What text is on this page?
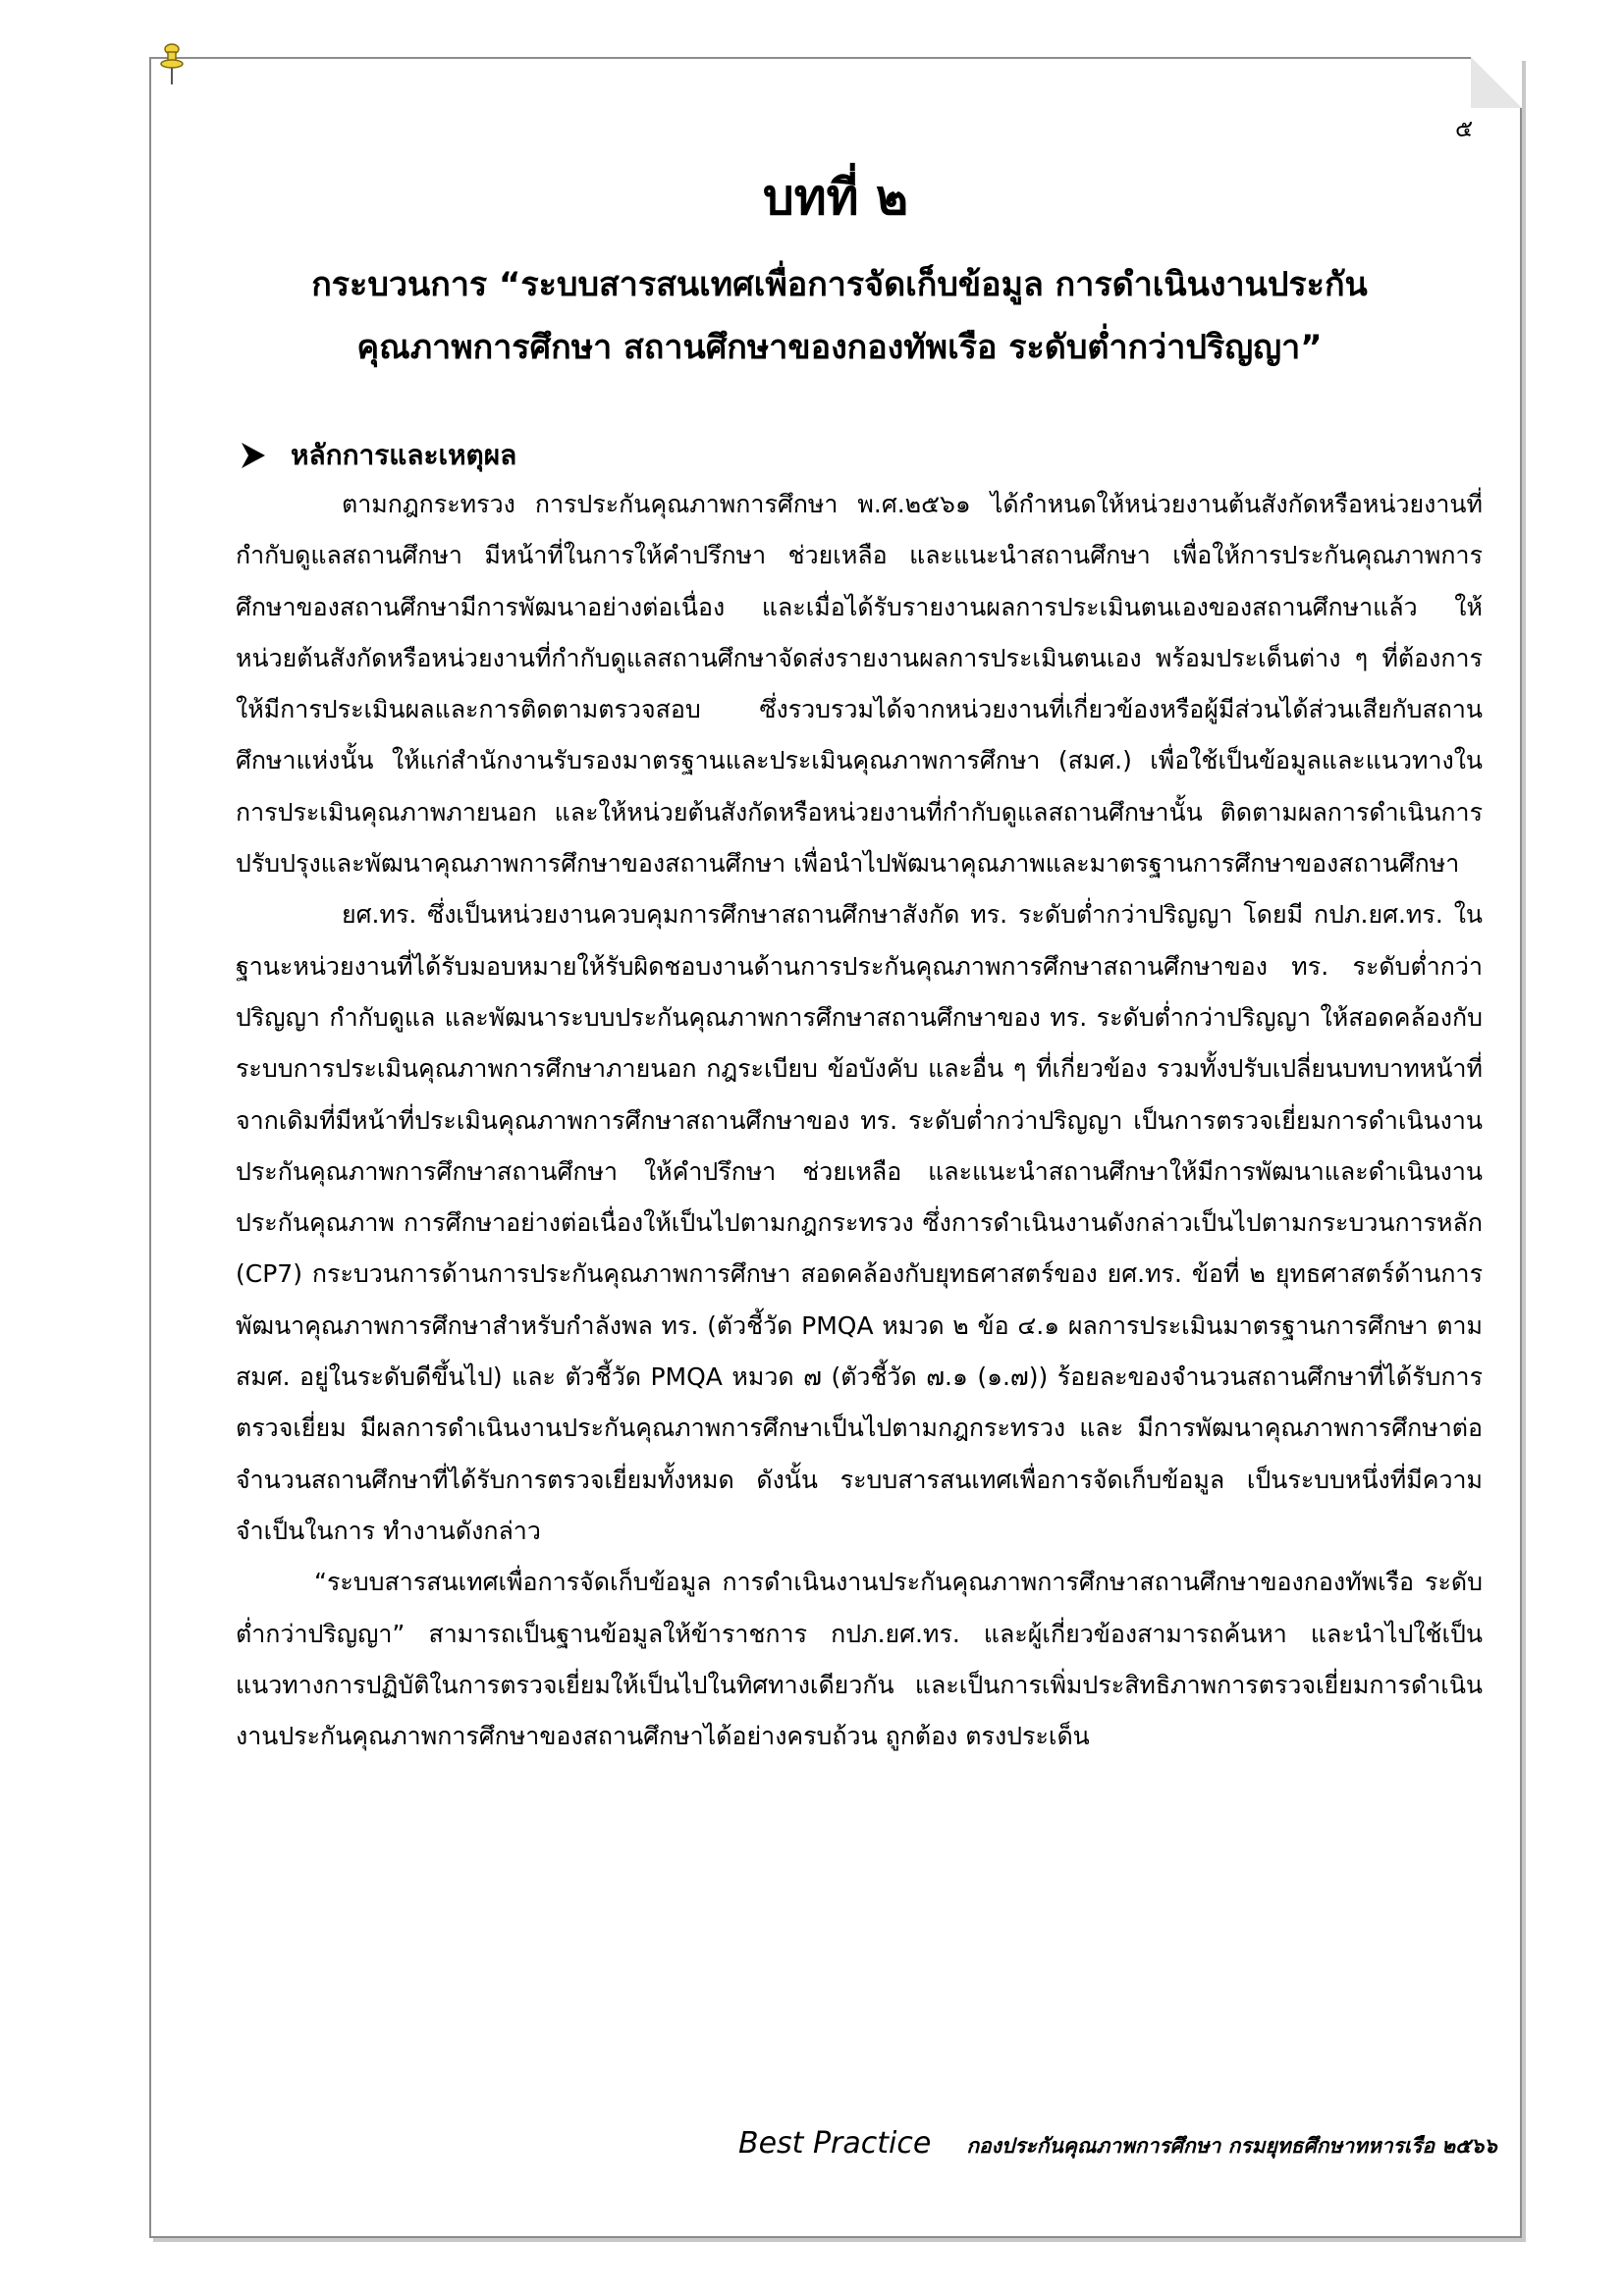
๕
บทที่ ๒
กระบวนการ “ระบบสารสนเทศเพื่อการจัดเก็บข้อมูล การดำเนินงานประกัน
คุณภาพการศึกษา สถานศึกษาของกองทัพเรือ ระดับต่ำกว่าปริญญา”
หลักการและเหตุผล

ตามกฎกระทรวง การประกันคุณภาพการศึกษา พ.ศ.๒๕๖๑ ได้กำหนดให้หน่วยงานต้นสังกัดหรือหน่วยงานที่กำกับดูแลสถานศึกษา มีหน้าที่ในการให้คำปรึกษา ช่วยเหลือ และแนะนำสถานศึกษา เพื่อให้การประกันคุณภาพการศึกษาของสถานศึกษามีการพัฒนาอย่างต่อเนื่อง และเมื่อได้รับรายงานผลการประเมินตนเองของสถานศึกษาแล้ว ให้หน่วยต้นสังกัดหรือหน่วยงานที่กำกับดูแลสถานศึกษาจัดส่งรายงานผลการประเมินตนเอง พร้อมประเด็นต่าง ๆ ที่ต้องการให้มีการประเมินผลและการติดตามตรวจสอบ ซึ่งรวบรวมได้จากหน่วยงานที่เกี่ยวข้องหรือผู้มีส่วนได้ส่วนเสียกับสถานศึกษาแห่งนั้น ให้แก่สำนักงานรับรองมาตรฐานและประเมินคุณภาพการศึกษา (สมศ.) เพื่อใช้เป็นข้อมูลและแนวทางในการประเมินคุณภาพภายนอก และให้หน่วยต้นสังกัดหรือหน่วยงานที่กำกับดูแลสถานศึกษานั้น ติดตามผลการดำเนินการปรับปรุงและพัฒนาคุณภาพการศึกษาของสถานศึกษา เพื่อนำไปพัฒนาคุณภาพและมาตรฐานการศึกษาของสถานศึกษา

ยศ.ทร. ซึ่งเป็นหน่วยงานควบคุมการศึกษาสถานศึกษาสังกัด ทร. ระดับต่ำกว่าปริญญา โดยมี กปภ.ยศ.ทร. ในฐานะหน่วยงานที่ได้รับมอบหมายให้รับผิดชอบงานด้านการประกันคุณภาพการศึกษาสถานศึกษาของ ทร. ระดับต่ำกว่าปริญญา กำกับดูแล และพัฒนาระบบประกันคุณภาพการศึกษาสถานศึกษาของ ทร. ระดับต่ำกว่าปริญญา ให้สอดคล้องกับระบบการประเมินคุณภาพการศึกษาภายนอก กฎระเบียบ ข้อบังคับ และอื่น ๆ ที่เกี่ยวข้อง รวมทั้งปรับเปลี่ยนบทบาทหน้าที่จากเดิมที่มีหน้าที่ประเมินคุณภาพการศึกษาสถานศึกษาของ ทร. ระดับต่ำกว่าปริญญา เป็นการตรวจเยี่ยมการดำเนินงานประกันคุณภาพการศึกษาสถานศึกษา ให้คำปรึกษา ช่วยเหลือ และแนะนำสถานศึกษาให้มีการพัฒนาและดำเนินงานประกันคุณภาพ การศึกษาอย่างต่อเนื่องให้เป็นไปตามกฎกระทรวง ซึ่งการดำเนินงานดังกล่าวเป็นไปตามกระบวนการหลัก (CP7) กระบวนการด้านการประกันคุณภาพการศึกษา สอดคล้องกับยุทธศาสตร์ของ ยศ.ทร. ข้อที่ ๒ ยุทธศาสตร์ด้านการพัฒนาคุณภาพการศึกษาสำหรับกำลังพล ทร. (ตัวชี้วัด PMQA หมวด ๒ ข้อ ๔.๑ ผลการประเมินมาตรฐานการศึกษา ตาม สมศ. อยู่ในระดับดีขึ้นไป) และ ตัวชี้วัด PMQA หมวด ๗ (ตัวชี้วัด ๗.๑ (๑.๗)) ร้อยละของจำนวนสถานศึกษาที่ได้รับการตรวจเยี่ยม มีผลการดำเนินงานประกันคุณภาพการศึกษาเป็นไปตามกฎกระทรวง และ มีการพัฒนาคุณภาพการศึกษาต่อจำนวนสถานศึกษาที่ได้รับการตรวจเยี่ยมทั้งหมด ดังนั้น ระบบสารสนเทศเพื่อการจัดเก็บข้อมูล เป็นระบบหนึ่งที่มีความจำเป็นในการ ทำงานดังกล่าว

“ระบบสารสนเทศเพื่อการจัดเก็บข้อมูล การดำเนินงานประกันคุณภาพการศึกษาสถานศึกษาของกองทัพเรือ ระดับต่ำกว่าปริญญา” สามารถเป็นฐานข้อมูลให้ข้าราชการ กปภ.ยศ.ทร. และผู้เกี่ยวข้องสามารถค้นหา และนำไปใช้เป็นแนวทางการปฏิบัติในการตรวจเยี่ยมให้เป็นไปในทิศทางเดียวกัน และเป็นการเพิ่มประสิทธิภาพการตรวจเยี่ยมการดำเนินงานประกันคุณภาพการศึกษาของสถานศึกษาได้อย่างครบถ้วน ถูกต้อง ตรงประเด็น

Best Practice กองประกันคุณภาพการศึกษา กรมยุทธศึกษาทหารเรือ ๒๕๖๖
